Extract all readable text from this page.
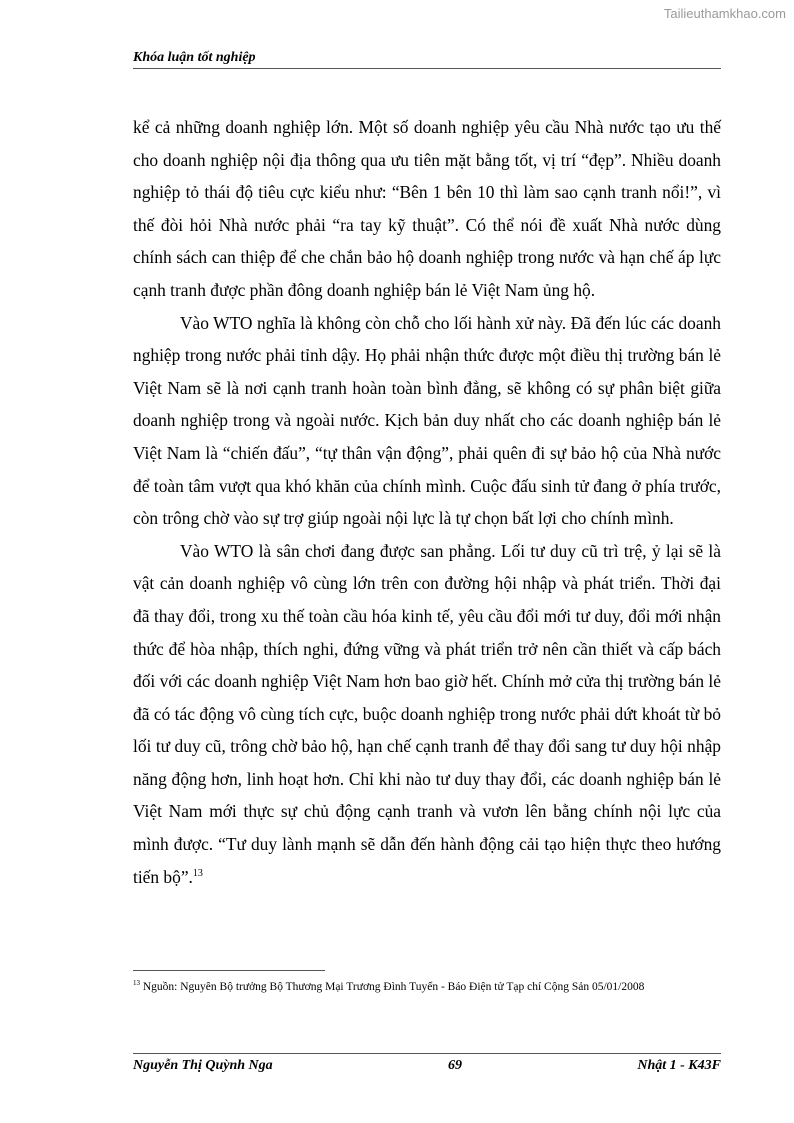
Tailieuthamkhao.com
Khóa luận tốt nghiệp

kể cả những doanh nghiệp lớn. Một số doanh nghiệp yêu cầu Nhà nước tạo ưu thế cho doanh nghiệp nội địa thông qua ưu tiên mặt bằng tốt, vị trí “đẹp”. Nhiều doanh nghiệp tỏ thái độ tiêu cực kiểu như: “Bên 1 bên 10 thì làm sao cạnh tranh nổi!”, vì thế đòi hỏi Nhà nước phải “ra tay kỹ thuật”. Có thể nói đề xuất Nhà nước dùng chính sách can thiệp để che chắn bảo hộ doanh nghiệp trong nước và hạn chế áp lực cạnh tranh được phần đông doanh nghiệp bán lẻ Việt Nam ủng hộ.

Vào WTO nghĩa là không còn chỗ cho lối hành xử này. Đã đến lúc các doanh nghiệp trong nước phải tỉnh dậy. Họ phải nhận thức được một điều thị trường bán lẻ Việt Nam sẽ là nơi cạnh tranh hoàn toàn bình đẳng, sẽ không có sự phân biệt giữa doanh nghiệp trong và ngoài nước. Kịch bản duy nhất cho các doanh nghiệp bán lẻ Việt Nam là “chiến đấu”, “tự thân vận động”, phải quên đi sự bảo hộ của Nhà nước để toàn tâm vượt qua khó khăn của chính mình. Cuộc đấu sinh tử đang ở phía trước, còn trông chờ vào sự trợ giúp ngoài nội lực là tự chọn bất lợi cho chính mình.

Vào WTO là sân chơi đang được san phẳng. Lối tư duy cũ trì trệ, ỷ lại sẽ là vật cản doanh nghiệp vô cùng lớn trên con đường hội nhập và phát triển. Thời đại đã thay đổi, trong xu thế toàn cầu hóa kinh tế, yêu cầu đổi mới tư duy, đổi mới nhận thức để hòa nhập, thích nghi, đứng vững và phát triển trở nên cần thiết và cấp bách đối với các doanh nghiệp Việt Nam hơn bao giờ hết. Chính mở cửa thị trường bán lẻ đã có tác động vô cùng tích cực, buộc doanh nghiệp trong nước phải dứt khoát từ bỏ lối tư duy cũ, trông chờ bảo hộ, hạn chế cạnh tranh để thay đổi sang tư duy hội nhập năng động hơn, linh hoạt hơn. Chỉ khi nào tư duy thay đổi, các doanh nghiệp bán lẻ Việt Nam mới thực sự chủ động cạnh tranh và vươn lên bằng chính nội lực của mình được. “Tư duy lành mạnh sẽ dẫn đến hành động cải tạo hiện thực theo hướng tiến bộ”.$^{13}$

$^{13}$ Nguồn: Nguyên Bộ trưởng Bộ Thương Mại Trương Đình Tuyển - Báo Điện tử Tạp chí Cộng Sản 05/01/2008
Nguyễn Thị Quỳnh Nga	69	Nhật 1 - K43F
